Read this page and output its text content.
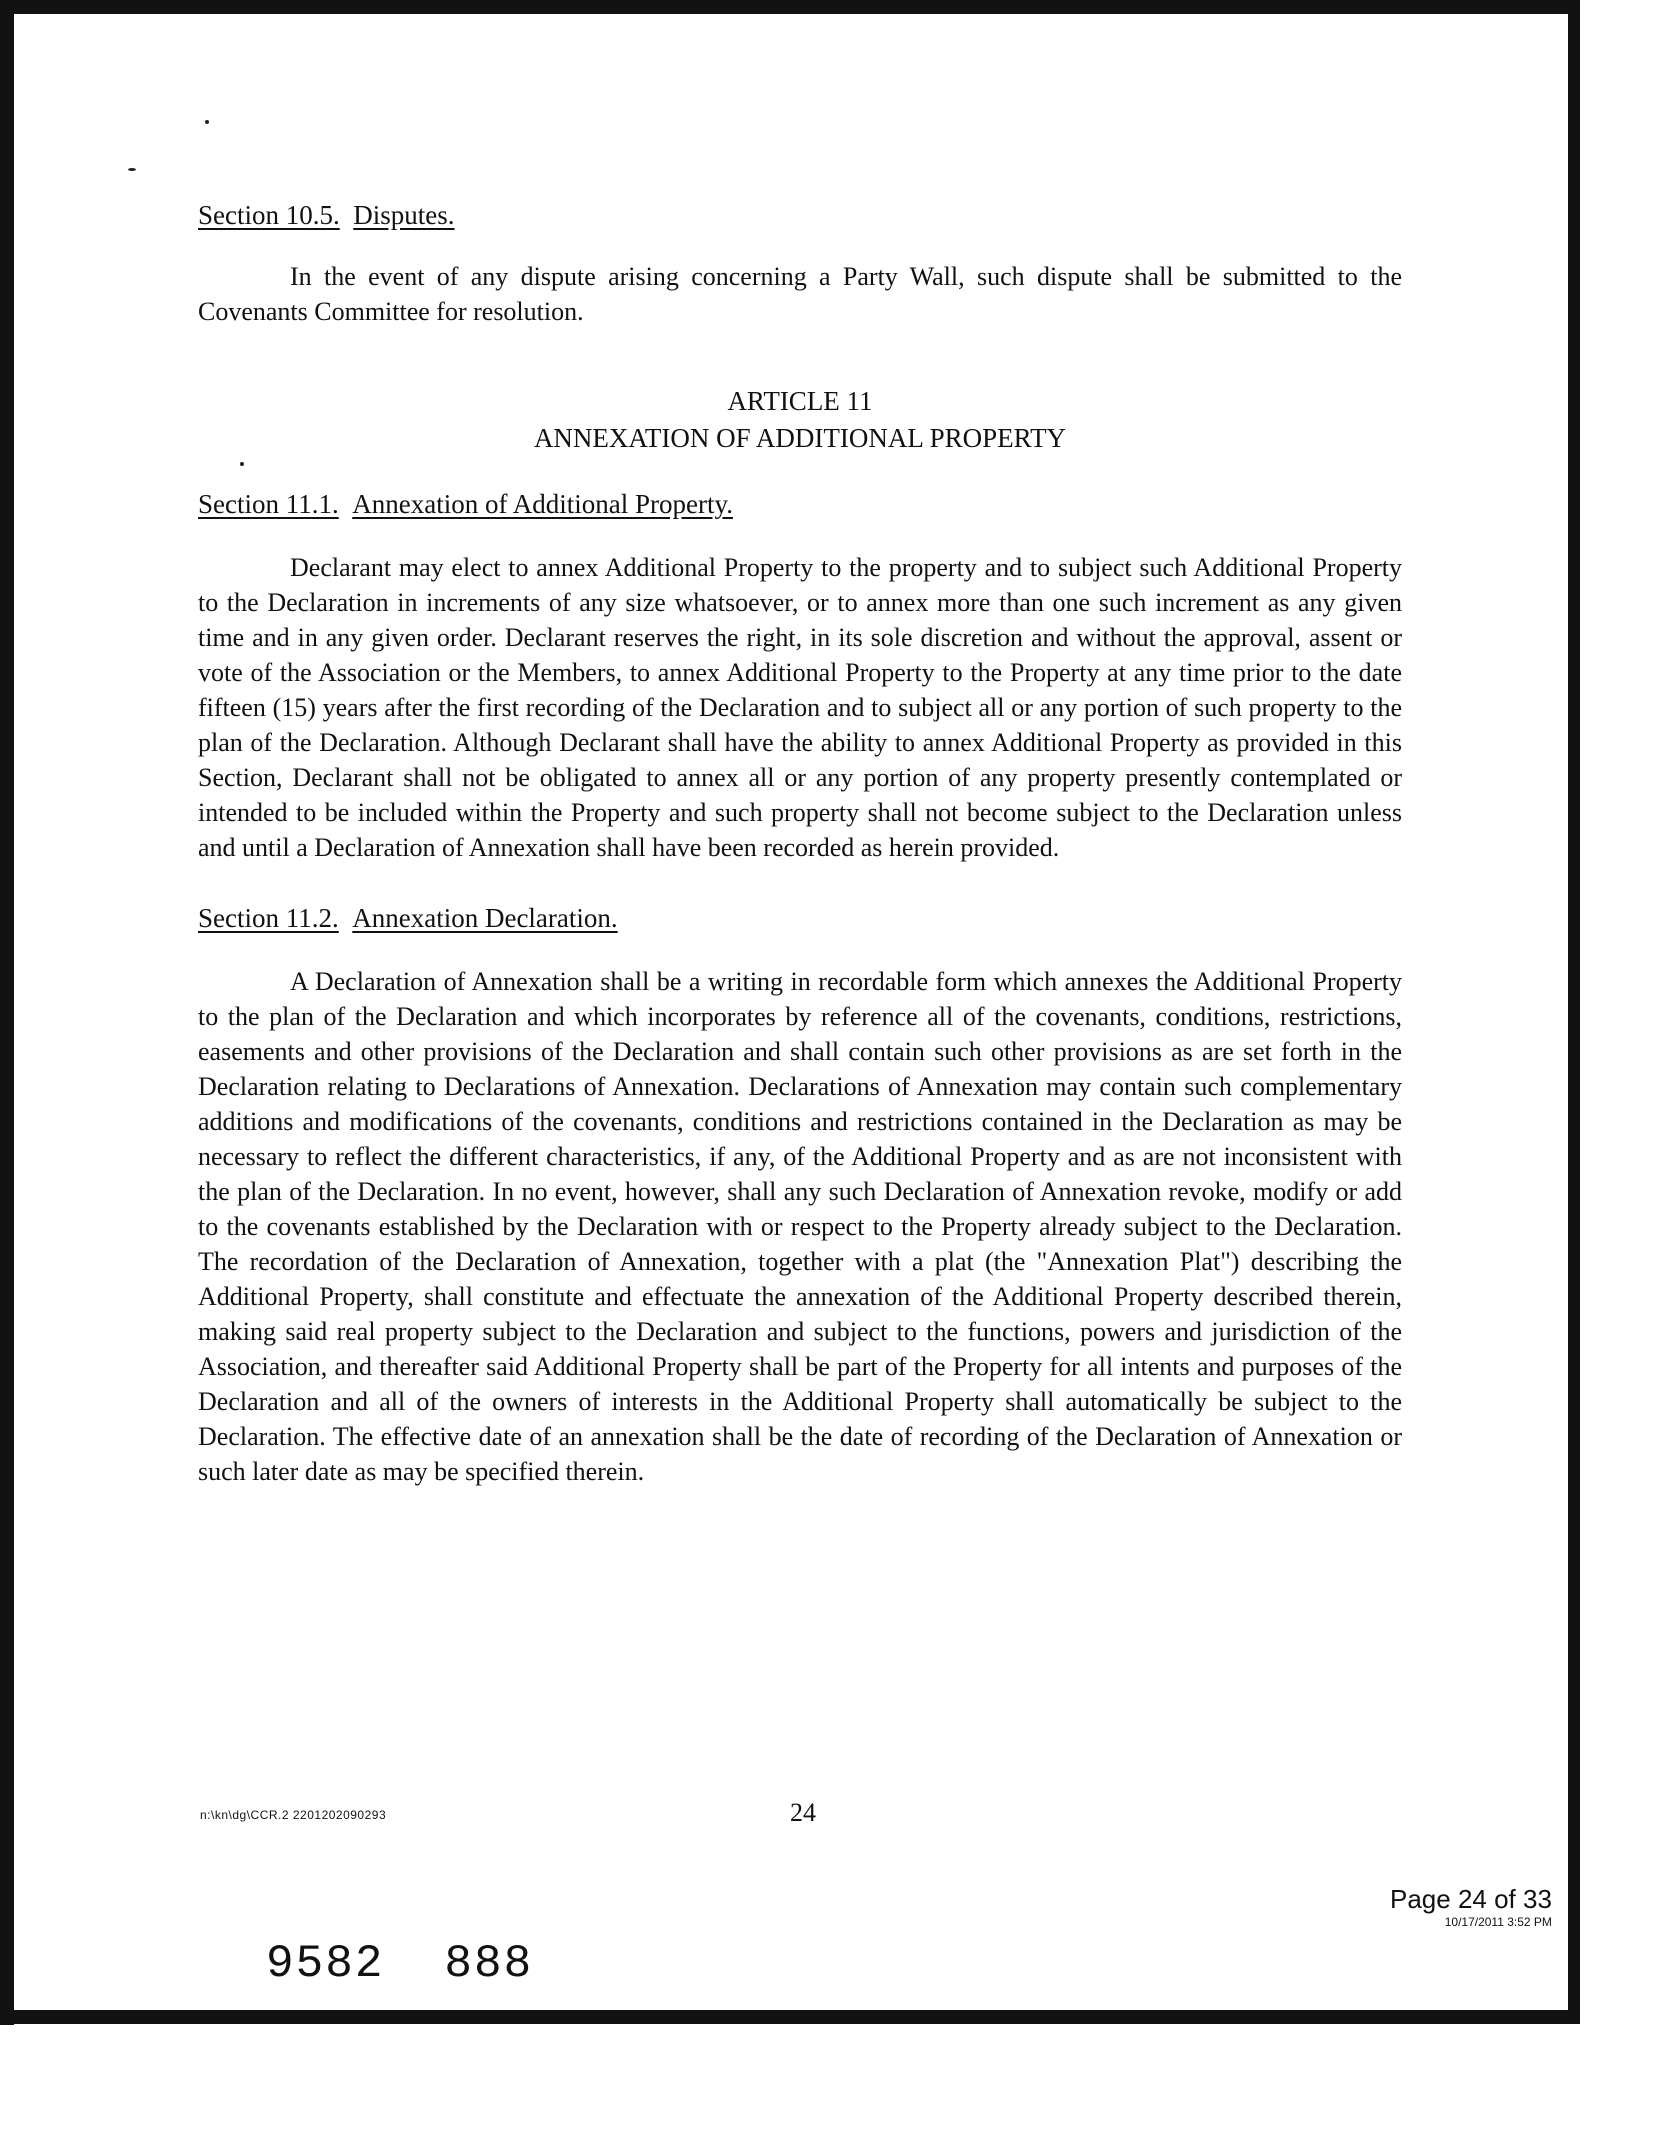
Section 10.5. Disputes.

In the event of any dispute arising concerning a Party Wall, such dispute shall be submitted to the Covenants Committee for resolution.

ARTICLE 11

ANNEXATION OF ADDITIONAL PROPERTY

Section 11.1. Annexation of Additional Property.

Declarant may elect to annex Additional Property to the property and to subject such Additional Property to the Declaration in increments of any size whatsoever, or to annex more than one such increment as any given time and in any given order. Declarant reserves the right, in its sole discretion and without the approval, assent or vote of the Association or the Members, to annex Additional Property to the Property at any time prior to the date fifteen (15) years after the first recording of the Declaration and to subject all or any portion of such property to the plan of the Declaration. Although Declarant shall have the ability to annex Additional Property as provided in this Section, Declarant shall not be obligated to annex all or any portion of any property presently contemplated or intended to be included within the Property and such property shall not become subject to the Declaration unless and until a Declaration of Annexation shall have been recorded as herein provided.

Section 11.2. Annexation Declaration.

A Declaration of Annexation shall be a writing in recordable form which annexes the Additional Property to the plan of the Declaration and which incorporates by reference all of the covenants, conditions, restrictions, easements and other provisions of the Declaration and shall contain such other provisions as are set forth in the Declaration relating to Declarations of Annexation. Declarations of Annexation may contain such complementary additions and modifications of the covenants, conditions and restrictions contained in the Declaration as may be necessary to reflect the different characteristics, if any, of the Additional Property and as are not inconsistent with the plan of the Declaration. In no event, however, shall any such Declaration of Annexation revoke, modify or add to the covenants established by the Declaration with or respect to the Property already subject to the Declaration. The recordation of the Declaration of Annexation, together with a plat (the "Annexation Plat") describing the Additional Property, shall constitute and effectuate the annexation of the Additional Property described therein, making said real property subject to the Declaration and subject to the functions, powers and jurisdiction of the Association, and thereafter said Additional Property shall be part of the Property for all intents and purposes of the Declaration and all of the owners of interests in the Additional Property shall automatically be subject to the Declaration. The effective date of an annexation shall be the date of recording of the Declaration of Annexation or such later date as may be specified therein.

n:\kn\dg\CCR.2 2201202090293	24
Page 24 of 33
10/17/2011 3:52 PM
9582 888
